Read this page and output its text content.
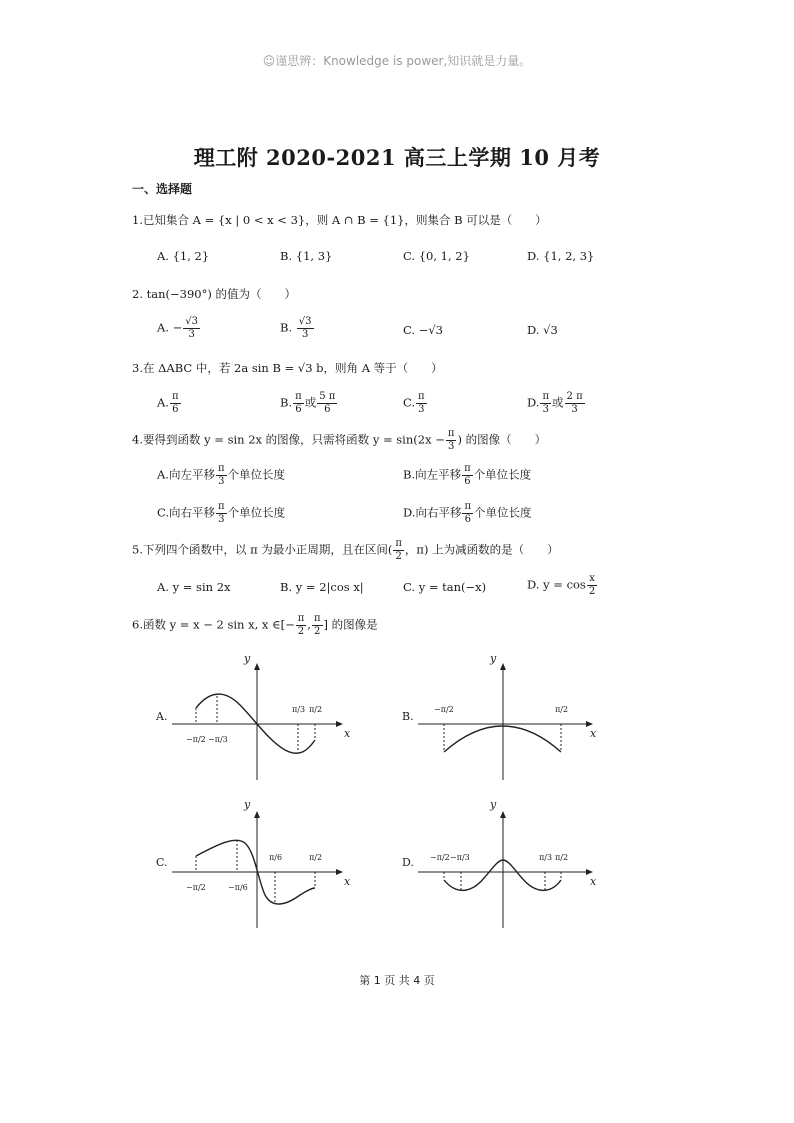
☺谨思辨：Knowledge is power,知识就是力量。
理工附 2020-2021 高三上学期 10 月考
一、选择题
1.已知集合 A = {x | 0 < x < 3}，则 A ∩ B = {1}，则集合 B 可以是（　　）
A. {1, 2}	B. {1, 3}	C. {0, 1, 2}	D. {1, 2, 3}
2. tan(−390°) 的值为（　　）
A. − $\frac{√3}{3}$	B. $\frac{√3}{3}$	C. −√3	D. √3
3.在 ΔABC 中，若 2a sin B = √3 b，则角 A 等于（　　）
A. $\frac{\pi}{6}$	B. $\frac{\pi}{6}$ 或 $\frac{5 \pi}{6}$	C. $\frac{\pi}{3}$	D. $\frac{\pi}{3}$ 或 $\frac{2 \pi}{3}$
4.要得到函数 y = sin 2x 的图像，只需将函数 $y = \sin(2x - \frac{\pi}{3}$ ) 的图像（　　）
A.向左平移 $\frac{\pi}{3}$ 个单位长度	B.向左平移 $\frac{\pi}{6}$ 个单位长度
C.向右平移 $\frac{\pi}{3}$ 个单位长度	D.向右平移 $\frac{\pi}{6}$ 个单位长度
5.下列四个函数中，以 π 为最小正周期，且在区间( $\frac{\pi}{2}$ ，π) 上为减函数的是（　　）
A. y = sin 2x	B. y = 2|cos x|	C. y = tan(−x)	D. $y = \cos \frac{x}{2}$
6.函数 y = x − 2 sin x, x ∈[− $\frac{\pi}{2}$ , $\frac{\pi}{2}$ ] 的图像是
A.	B.
C.	D.
y
x
y
x
y
x
y
x
π/3 π/2
−π/2 −π/3
−π/2	π/2
π/6	π/2
−π/2	−π/6
−π/2 −π/3	π/3 π/2
第 1 页 共 4 页
